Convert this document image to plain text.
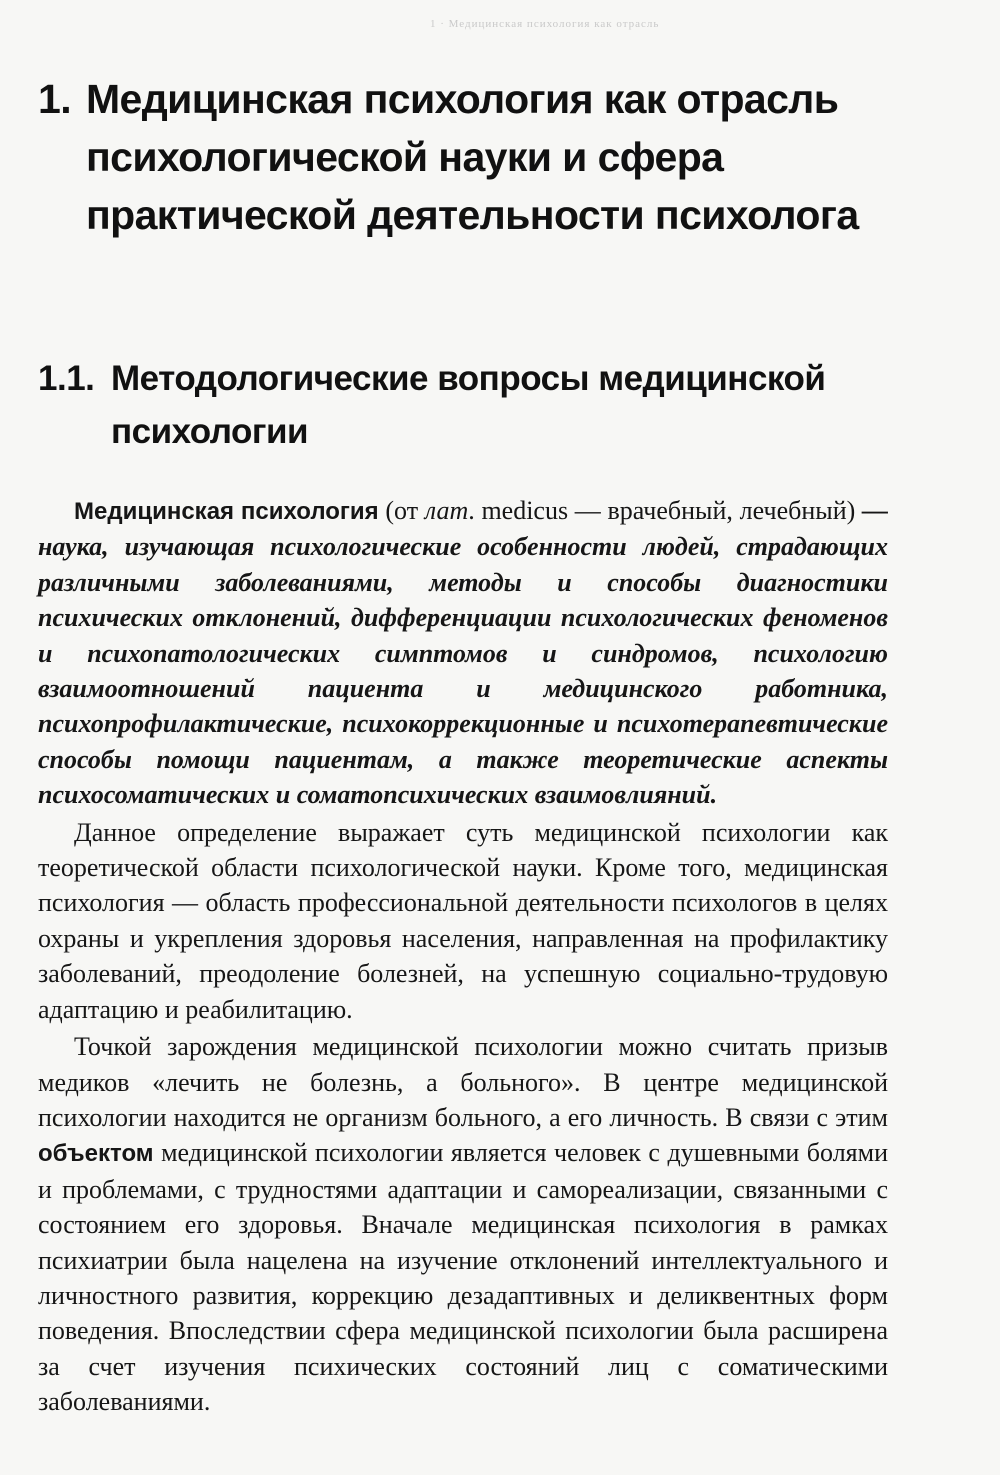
1 · Медицинская психология как отрасль
1. Медицинская психология как отрасль
психологической науки и сфера
практической деятельности психолога
1.1. Методологические вопросы медицинской
психологии

Медицинская психология (от лат. medicus — врачебный, лечебный) — наука, изучающая психологические особенности людей, страдающих различными заболеваниями, методы и способы диагностики психических отклонений, дифференциации психологических феноменов и психопатологических симптомов и синдромов, психологию взаимоотношений пациента и медицинского работника, психопрофилактические, психокоррекционные и психотерапевтические способы помощи пациентам, а также теоретические аспекты психосоматических и соматопсихических взаимовлияний.

Данное определение выражает суть медицинской психологии как теоретической области психологической науки. Кроме того, медицинская психология — область профессиональной деятельности психологов в целях охраны и укрепления здоровья населения, направленная на профилактику заболеваний, преодоление болезней, на успешную социально-трудовую адаптацию и реабилитацию.

Точкой зарождения медицинской психологии можно считать призыв медиков «лечить не болезнь, а больного». В центре медицинской психологии находится не организм больного, а его личность. В связи с этим объектом медицинской психологии является человек с душевными болями и проблемами, с трудностями адаптации и самореализации, связанными с состоянием его здоровья. Вначале медицинская психология в рамках психиатрии была нацелена на изучение отклонений интеллектуального и личностного развития, коррекцию дезадаптивных и деликвентных форм поведения. Впоследствии сфера медицинской психологии была расширена за счет изучения психических состояний лиц с соматическими заболеваниями.
